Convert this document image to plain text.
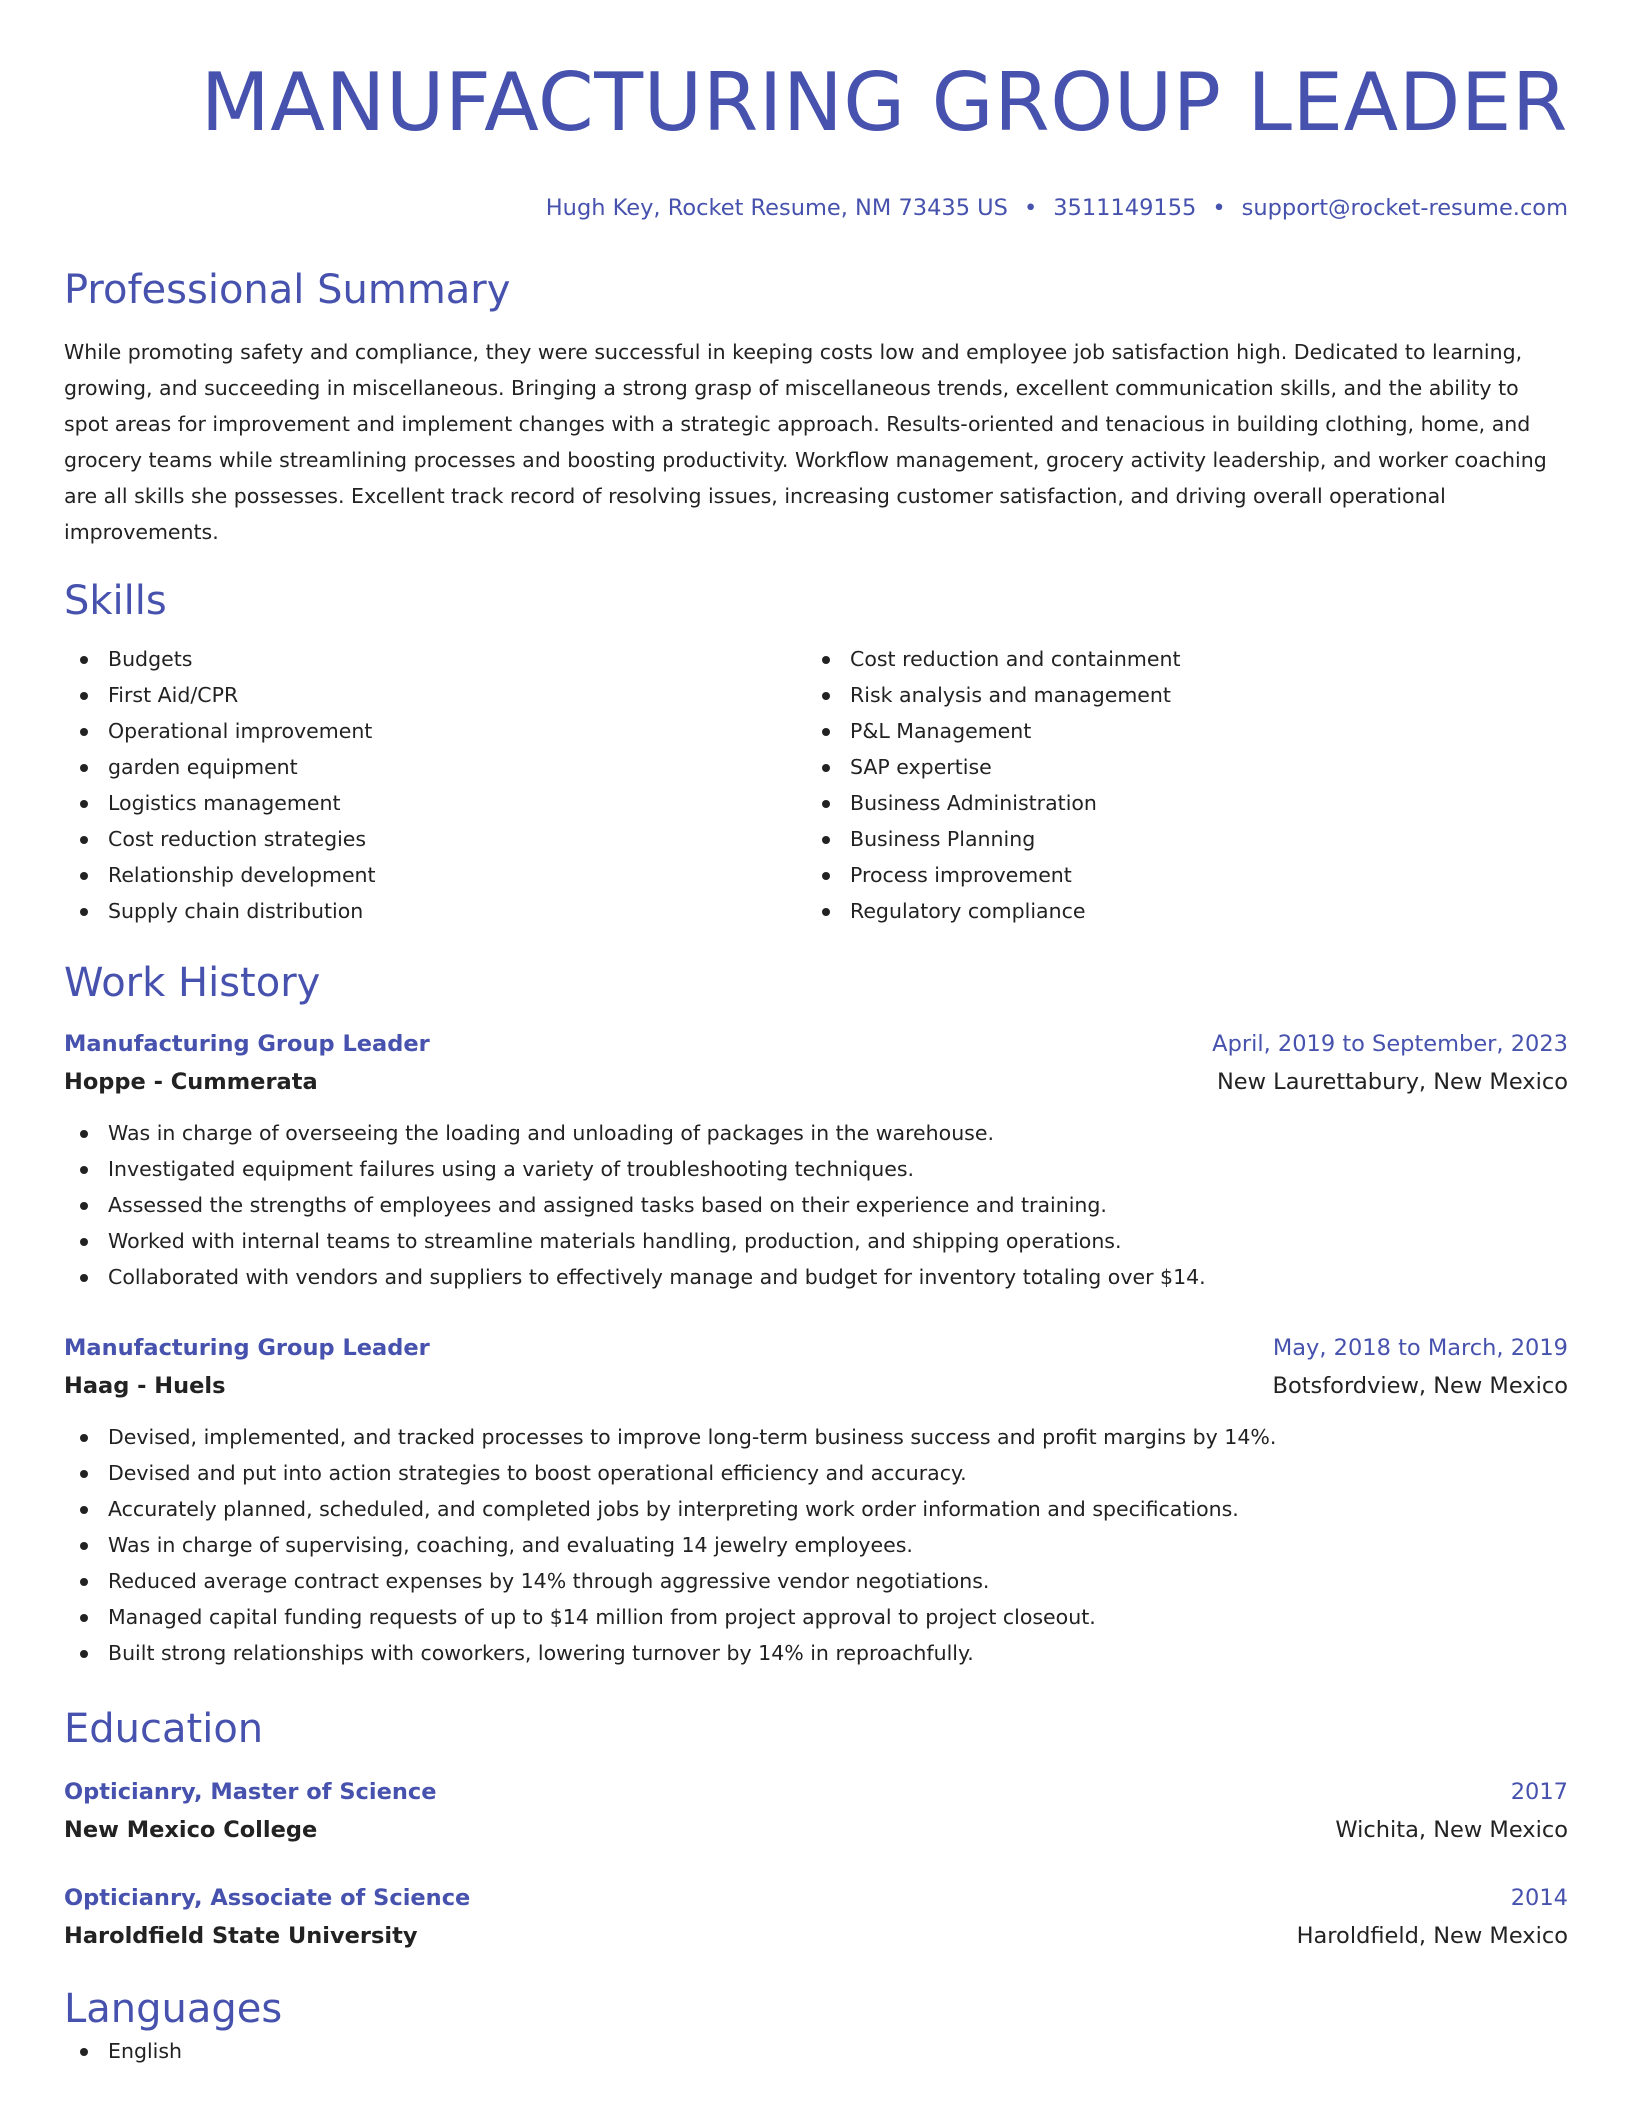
MANUFACTURING GROUP LEADER
Hugh Key, Rocket Resume, NM 73435 US • 3511149155 • support@rocket-resume.com
Professional Summary

While promoting safety and compliance, they were successful in keeping costs low and employee job satisfaction high. Dedicated to learning, growing, and succeeding in miscellaneous. Bringing a strong grasp of miscellaneous trends, excellent communication skills, and the ability to spot areas for improvement and implement changes with a strategic approach. Results-oriented and tenacious in building clothing, home, and grocery teams while streamlining processes and boosting productivity. Workflow management, grocery activity leadership, and worker coaching are all skills she possesses. Excellent track record of resolving issues, increasing customer satisfaction, and driving overall operational improvements.

Skills
Budgets
First Aid/CPR
Operational improvement
garden equipment
Logistics management
Cost reduction strategies
Relationship development
Supply chain distribution
Cost reduction and containment
Risk analysis and management
P&L Management
SAP expertise
Business Administration
Business Planning
Process improvement
Regulatory compliance
Work History
Manufacturing Group Leader	April, 2019 to September, 2023
Hoppe - Cummerata	New Laurettabury, New Mexico
Was in charge of overseeing the loading and unloading of packages in the warehouse.
Investigated equipment failures using a variety of troubleshooting techniques.
Assessed the strengths of employees and assigned tasks based on their experience and training.
Worked with internal teams to streamline materials handling, production, and shipping operations.
Collaborated with vendors and suppliers to effectively manage and budget for inventory totaling over $14.
Manufacturing Group Leader	May, 2018 to March, 2019
Haag - Huels	Botsfordview, New Mexico
Devised, implemented, and tracked processes to improve long-term business success and profit margins by 14%.
Devised and put into action strategies to boost operational efficiency and accuracy.
Accurately planned, scheduled, and completed jobs by interpreting work order information and specifications.
Was in charge of supervising, coaching, and evaluating 14 jewelry employees.
Reduced average contract expenses by 14% through aggressive vendor negotiations.
Managed capital funding requests of up to $14 million from project approval to project closeout.
Built strong relationships with coworkers, lowering turnover by 14% in reproachfully.
Education
Opticianry, Master of Science	2017
New Mexico College	Wichita, New Mexico
Opticianry, Associate of Science	2014
Haroldfield State University	Haroldfield, New Mexico
Languages
English
